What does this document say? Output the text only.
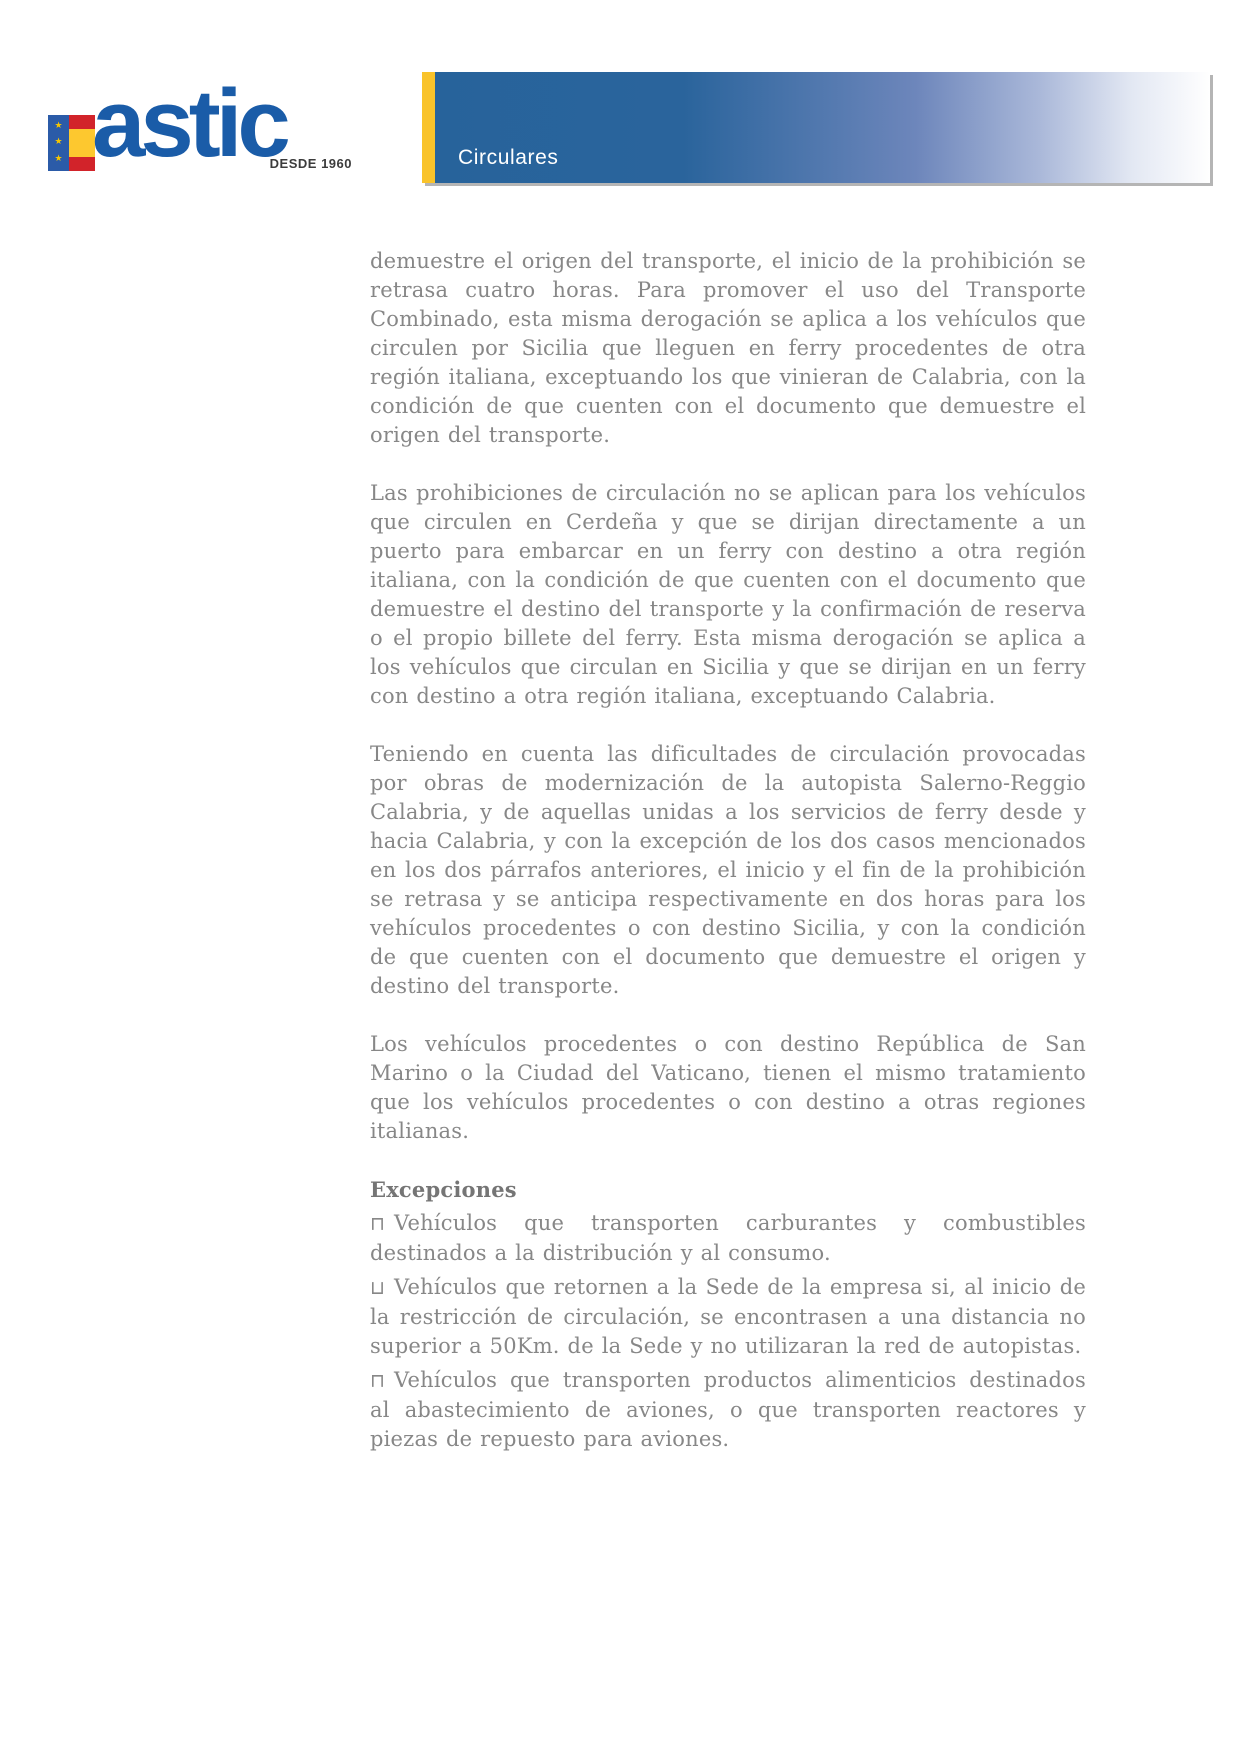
★
★
★ astic
DESDE 1960	Circulares

demuestre el origen del transporte, el inicio de la prohibición se retrasa cuatro horas. Para promover el uso del Transporte Combinado, esta misma derogación se aplica a los vehículos que circulen por Sicilia que lleguen en ferry procedentes de otra región italiana, exceptuando los que vinieran de Calabria, con la condición de que cuenten con el documento que demuestre el origen del transporte.

Las prohibiciones de circulación no se aplican para los vehículos que circulen en Cerdeña y que se dirijan directamente a un puerto para embarcar en un ferry con destino a otra región italiana, con la condición de que cuenten con el documento que demuestre el destino del transporte y la confirmación de reserva o el propio billete del ferry. Esta misma derogación se aplica a los vehículos que circulan en Sicilia y que se dirijan en un ferry con destino a otra región italiana, exceptuando Calabria.

Teniendo en cuenta las dificultades de circulación provocadas por obras de modernización de la autopista Salerno-Reggio Calabria, y de aquellas unidas a los servicios de ferry desde y hacia Calabria, y con la excepción de los dos casos mencionados en los dos párrafos anteriores, el inicio y el fin de la prohibición se retrasa y se anticipa respectivamente en dos horas para los vehículos procedentes o con destino Sicilia, y con la condición de que cuenten con el documento que demuestre el origen y destino del transporte.

Los vehículos procedentes o con destino República de San Marino o la Ciudad del Vaticano, tienen el mismo tratamiento que los vehículos procedentes o con destino a otras regiones italianas.

Excepciones
⊓ Vehículos que transporten carburantes y combustibles destinados a la distribución y al consumo.
⊔ Vehículos que retornen a la Sede de la empresa si, al inicio de la restricción de circulación, se encontrasen a una distancia no superior a 50Km. de la Sede y no utilizaran la red de autopistas.
⊓ Vehículos que transporten productos alimenticios destinados al abastecimiento de aviones, o que transporten reactores y piezas de repuesto para aviones.
